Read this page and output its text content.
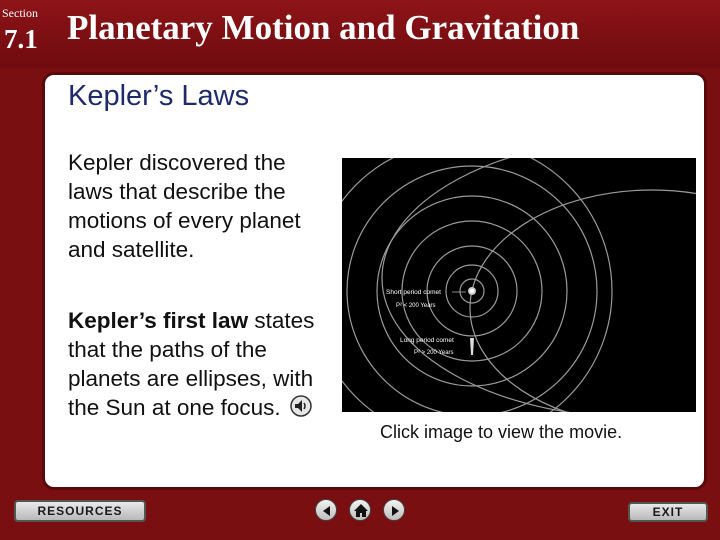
Section
7.1 Planetary Motion and Gravitation
Kepler’s Laws
Kepler discovered the laws that describe the motions of every planet and satellite.
Kepler’s first law states that the paths of the planets are ellipses, with the Sun at one focus.
Short period comet
P² < 200 Years
Long period comet
P² > 200 Years
Click image to view the movie.
RESOURCES	EXIT
